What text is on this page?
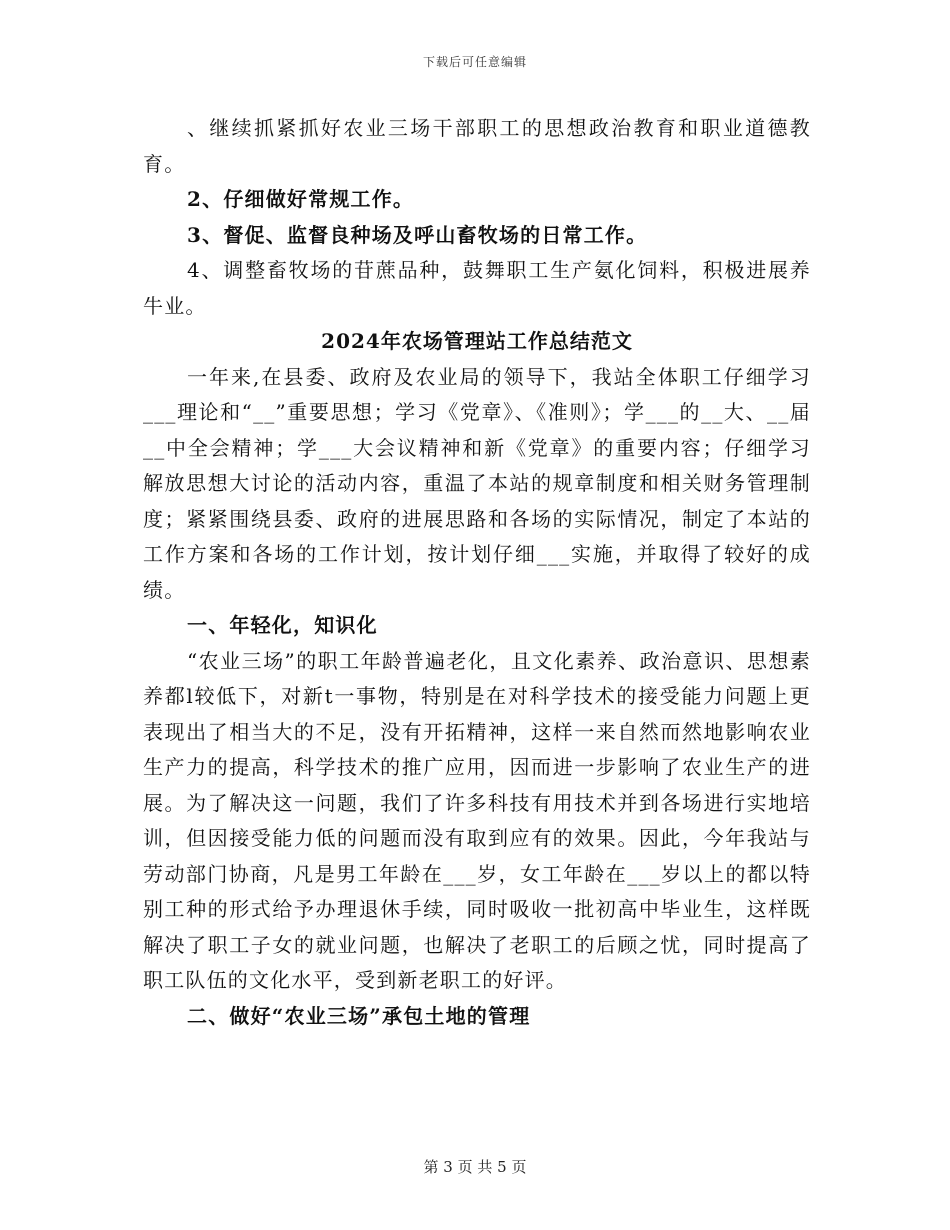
下载后可任意编辑

、继续抓紧抓好农业三场干部职工的思想政治教育和职业道德教育。

2、仔细做好常规工作。

3、督促、监督良种场及呼山畜牧场的日常工作。

4、调整畜牧场的苷蔗品种，鼓舞职工生产氨化饲料，积极进展养牛业。

2024年农场管理站工作总结范文

一年来,在县委、政府及农业局的领导下，我站全体职工仔细学习___理论和“__”重要思想；学习《党章》、《准则》；学___的__大、__届__中全会精神；学___大会议精神和新《党章》的重要内容；仔细学习解放思想大讨论的活动内容，重温了本站的规章制度和相关财务管理制度；紧紧围绕县委、政府的进展思路和各场的实际情况，制定了本站的工作方案和各场的工作计划，按计划仔细___实施，并取得了较好的成绩。

一、年轻化，知识化

“农业三场”的职工年龄普遍老化，且文化素养、政治意识、思想素养都l较低下，对新t一事物，特别是在对科学技术的接受能力问题上更表现出了相当大的不足，没有开拓精神，这样一来自然而然地影响农业生产力的提高，科学技术的推广应用，因而进一步影响了农业生产的进展。为了解决这一问题，我们了许多科技有用技术并到各场进行实地培训，但因接受能力低的问题而没有取到应有的效果。因此，今年我站与劳动部门协商，凡是男工年龄在___岁，女工年龄在___岁以上的都以特别工种的形式给予办理退休手续，同时吸收一批初高中毕业生，这样既解决了职工子女的就业问题，也解决了老职工的后顾之忧，同时提高了职工队伍的文化水平，受到新老职工的好评。

二、做好“农业三场”承包土地的管理

第 3 页 共 5 页
